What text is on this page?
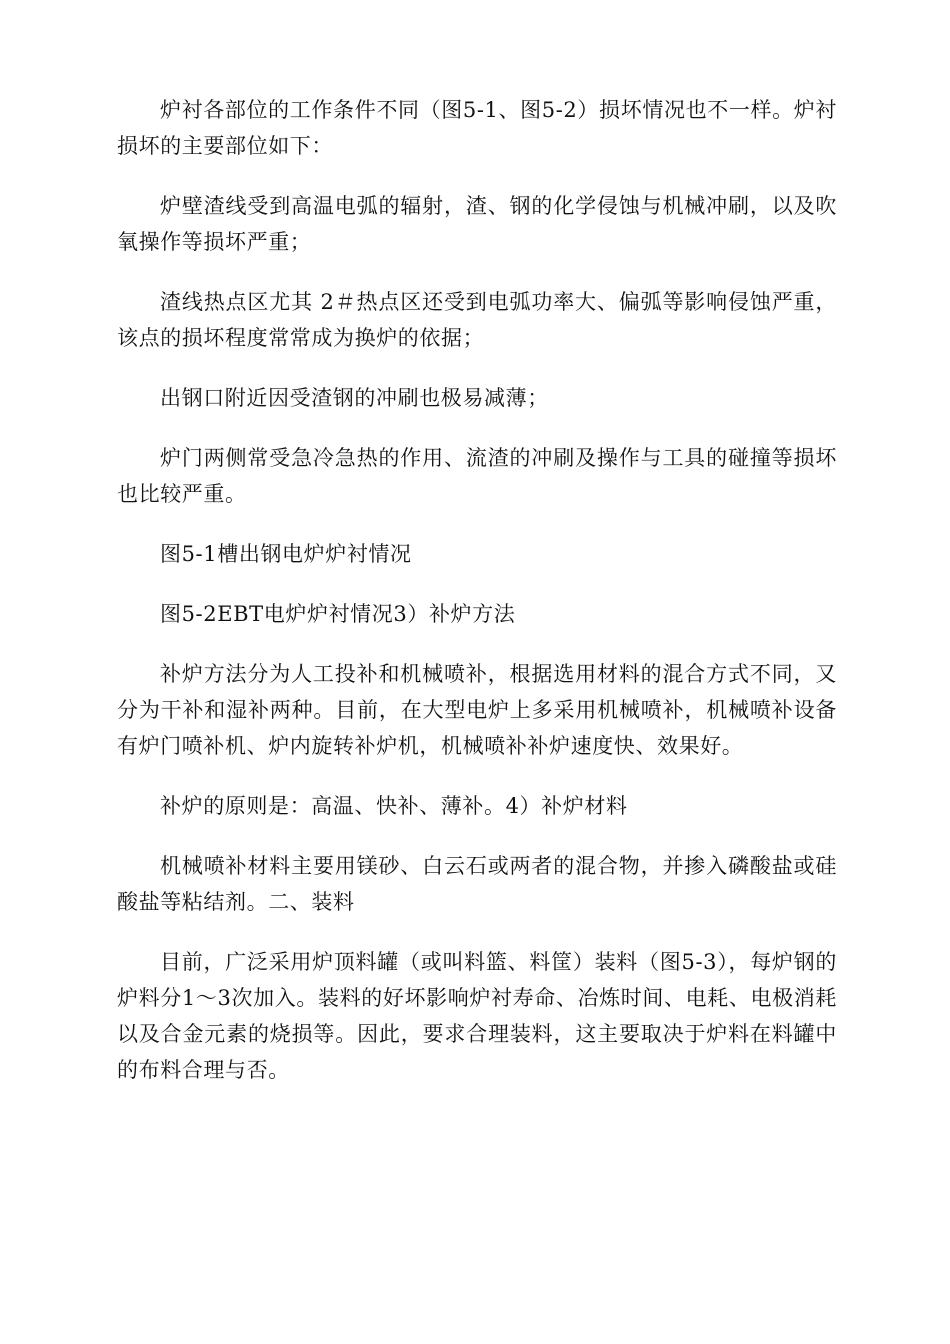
炉衬各部位的工作条件不同（图5-1、图5-2）损坏情况也不一样。炉衬损坏的主要部位如下：

炉壁渣线受到高温电弧的辐射，渣、钢的化学侵蚀与机械冲刷，以及吹氧操作等损坏严重；

渣线热点区尤其 2＃热点区还受到电弧功率大、偏弧等影响侵蚀严重，该点的损坏程度常常成为换炉的依据；

出钢口附近因受渣钢的冲刷也极易减薄；

炉门两侧常受急冷急热的作用、流渣的冲刷及操作与工具的碰撞等损坏也比较严重。

图5-1槽出钢电炉炉衬情况

图5-2EBT电炉炉衬情况3）补炉方法

补炉方法分为人工投补和机械喷补，根据选用材料的混合方式不同，又分为干补和湿补两种。目前，在大型电炉上多采用机械喷补，机械喷补设备有炉门喷补机、炉内旋转补炉机，机械喷补补炉速度快、效果好。

补炉的原则是：高温、快补、薄补。4）补炉材料

机械喷补材料主要用镁砂、白云石或两者的混合物，并掺入磷酸盐或硅酸盐等粘结剂。二、装料

目前，广泛采用炉顶料罐（或叫料篮、料筐）装料（图5-3），每炉钢的炉料分1～3次加入。装料的好坏影响炉衬寿命、冶炼时间、电耗、电极消耗以及合金元素的烧损等。因此，要求合理装料，这主要取决于炉料在料罐中的布料合理与否。
